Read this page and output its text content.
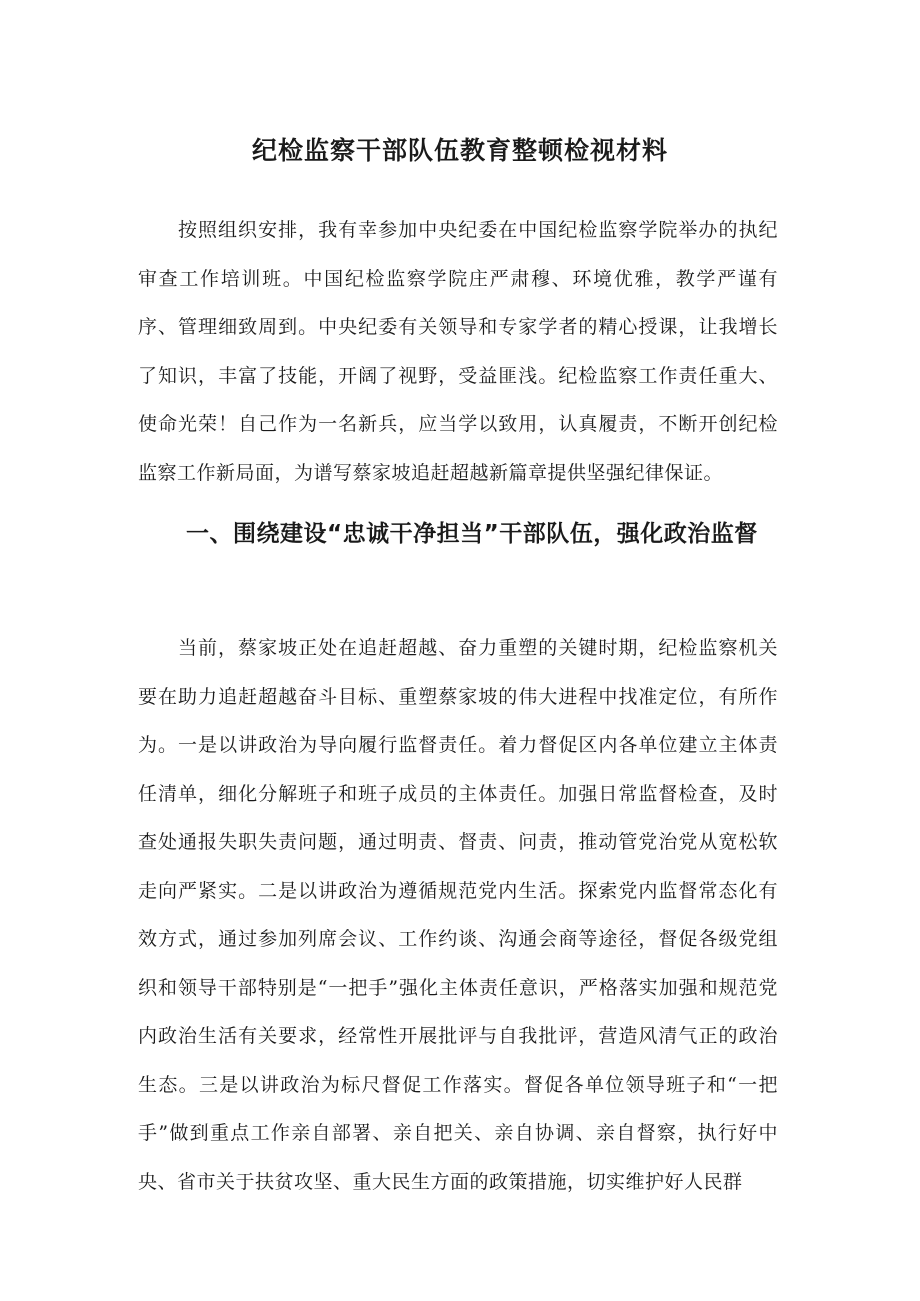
纪检监察干部队伍教育整顿检视材料

按照组织安排，我有幸参加中央纪委在中国纪检监察学院举办的执纪审查工作培训班。中国纪检监察学院庄严肃穆、环境优雅，教学严谨有序、管理细致周到。中央纪委有关领导和专家学者的精心授课，让我增长了知识，丰富了技能，开阔了视野，受益匪浅。纪检监察工作责任重大、使命光荣！自己作为一名新兵，应当学以致用，认真履责，不断开创纪检监察工作新局面，为谱写蔡家坡追赶超越新篇章提供坚强纪律保证。

一、围绕建设“忠诚干净担当”干部队伍，强化政治监督

当前，蔡家坡正处在追赶超越、奋力重塑的关键时期，纪检监察机关要在助力追赶超越奋斗目标、重塑蔡家坡的伟大进程中找准定位，有所作为。一是以讲政治为导向履行监督责任。着力督促区内各单位建立主体责任清单，细化分解班子和班子成员的主体责任。加强日常监督检查，及时查处通报失职失责问题，通过明责、督责、问责，推动管党治党从宽松软走向严紧实。二是以讲政治为遵循规范党内生活。探索党内监督常态化有效方式，通过参加列席会议、工作约谈、沟通会商等途径，督促各级党组织和领导干部特别是“一把手”强化主体责任意识，严格落实加强和规范党内政治生活有关要求，经常性开展批评与自我批评，营造风清气正的政治生态。三是以讲政治为标尺督促工作落实。督促各单位领导班子和“一把手”做到重点工作亲自部署、亲自把关、亲自协调、亲自督察，执行好中央、省市关于扶贫攻坚、重大民生方面的政策措施，切实维护好人民群
